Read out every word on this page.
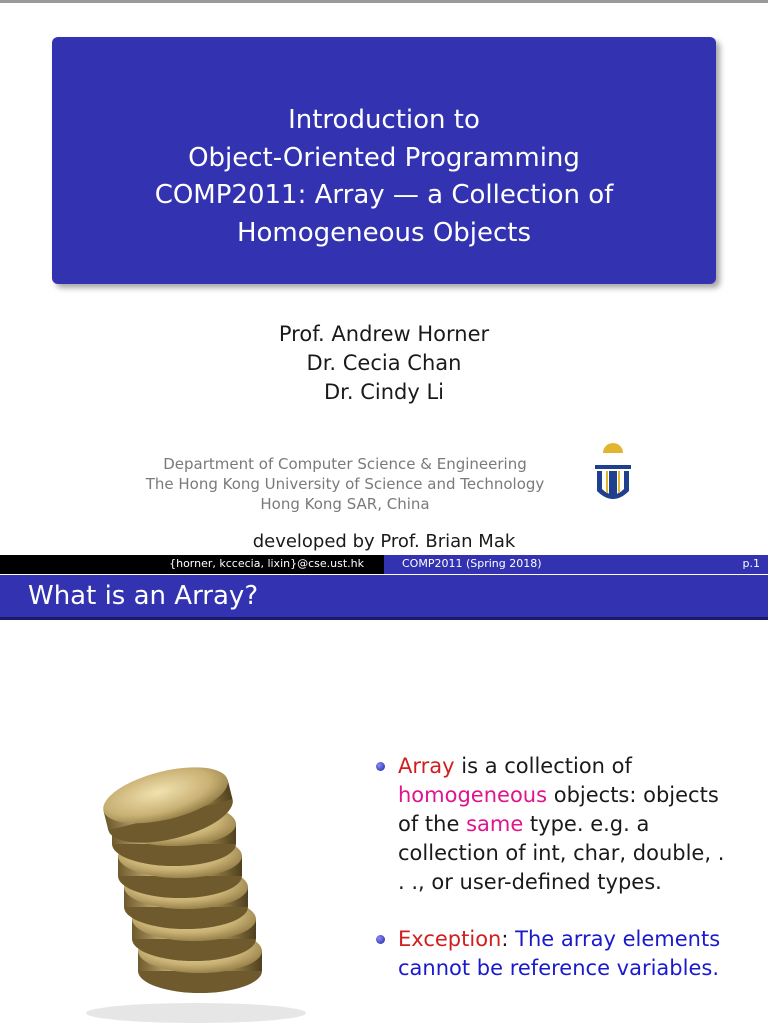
Introduction to
Object-Oriented Programming
COMP2011: Array — a Collection of
Homogeneous Objects
Prof. Andrew Horner
Dr. Cecia Chan
Dr. Cindy Li
Department of Computer Science & Engineering
The Hong Kong University of Science and Technology
Hong Kong SAR, China
developed by Prof. Brian Mak
{horner, kccecia, lixin}@cse.ust.hk	COMP2011 (Spring 2018)	p.1
What is an Array?
Array is a collection of homogeneous objects: objects of the same type. e.g. a collection of int, char, double, . . ., or user-defined types.
Exception: The array elements cannot be reference variables.
